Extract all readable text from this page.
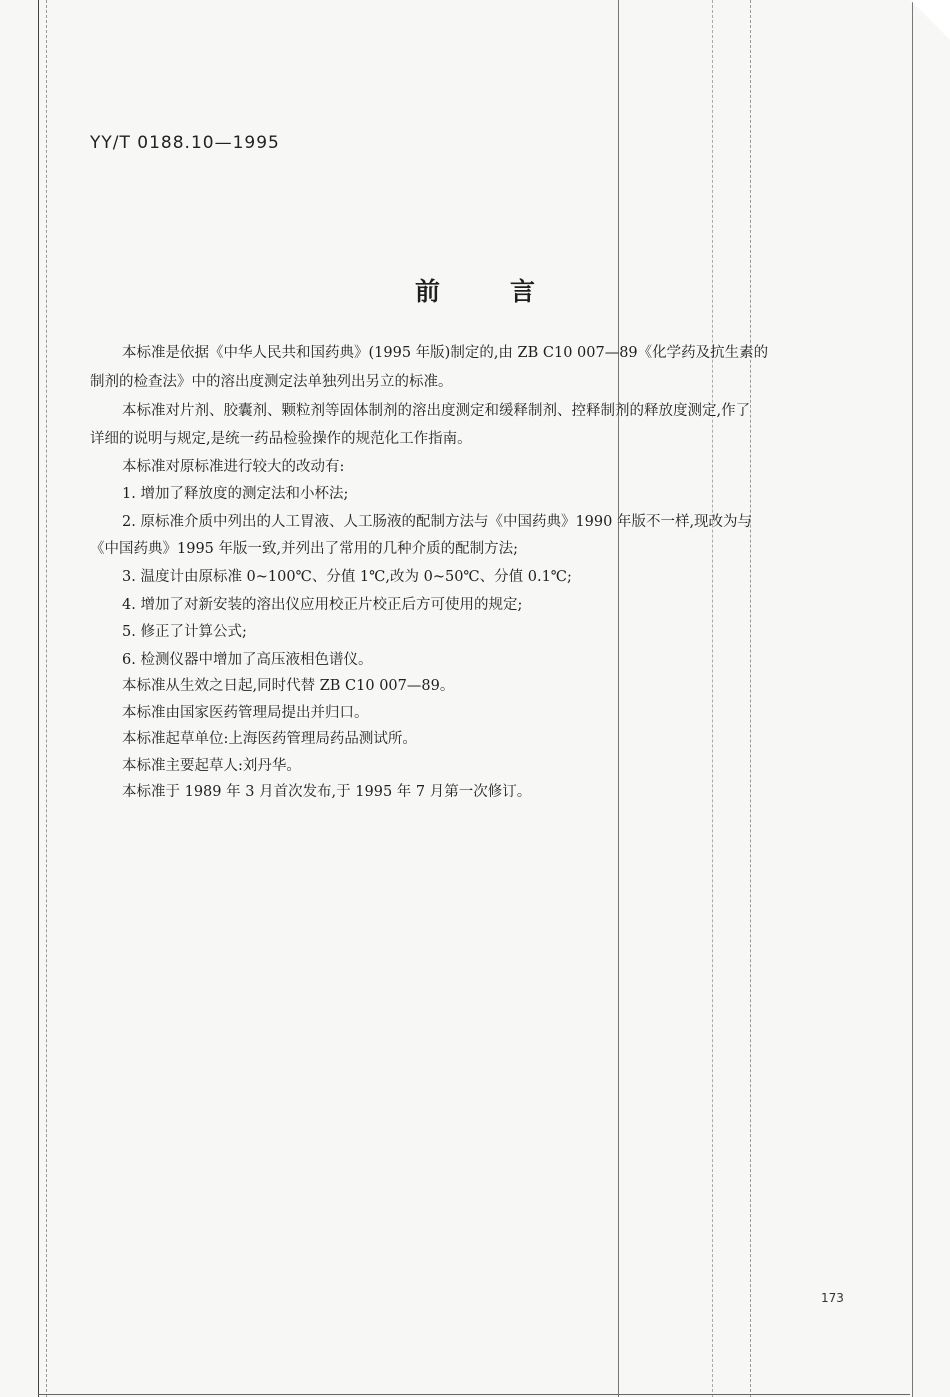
YY/T 0188.10—1995
前	言
本标准是依据《中华人民共和国药典》(1995 年版)制定的,由 ZB C10 007—89《化学药及抗生素的
制剂的检查法》中的溶出度测定法单独列出另立的标准。
本标准对片剂、胶囊剂、颗粒剂等固体制剂的溶出度测定和缓释制剂、控释制剂的释放度测定,作了
详细的说明与规定,是统一药品检验操作的规范化工作指南。
本标准对原标准进行较大的改动有:
1. 增加了释放度的测定法和小杯法;
2. 原标准介质中列出的人工胃液、人工肠液的配制方法与《中国药典》1990 年版不一样,现改为与
《中国药典》1995 年版一致,并列出了常用的几种介质的配制方法;
3. 温度计由原标准 0~100℃、分值 1℃,改为 0~50℃、分值 0.1℃;
4. 增加了对新安装的溶出仪应用校正片校正后方可使用的规定;
5. 修正了计算公式;
6. 检测仪器中增加了高压液相色谱仪。
本标准从生效之日起,同时代替 ZB C10 007—89。
本标准由国家医药管理局提出并归口。
本标准起草单位:上海医药管理局药品测试所。
本标准主要起草人:刘丹华。
本标准于 1989 年 3 月首次发布,于 1995 年 7 月第一次修订。
173
